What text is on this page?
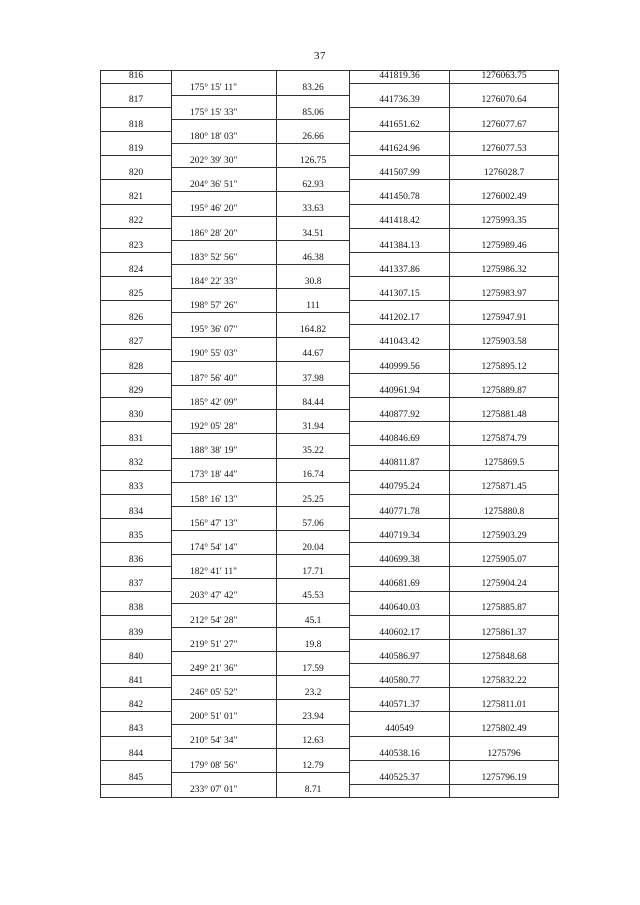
37
816			441819.36	1276063.75
	175° 15' 11"	83.26		
817			441736.39	1276070.64
	175° 15' 33"	85.06		
818			441651.62	1276077.67
	180° 18' 03"	26.66		
819			441624.96	1276077.53
	202° 39' 30"	126.75		
820			441507.99	1276028.7
	204° 36' 51"	62.93		
821			441450.78	1276002.49
	195° 46' 20"	33.63		
822			441418.42	1275993.35
	186° 28' 20"	34.51		
823			441384.13	1275989.46
	183° 52' 56"	46.38		
824			441337.86	1275986.32
	184° 22' 33"	30.8		
825			441307.15	1275983.97
	198° 57' 26"	111		
826			441202.17	1275947.91
	195° 36' 07"	164.82		
827			441043.42	1275903.58
	190° 55' 03"	44.67		
828			440999.56	1275895.12
	187° 56' 40"	37.98		
829			440961.94	1275889.87
	185° 42' 09"	84.44		
830			440877.92	1275881.48
	192° 05' 28"	31.94		
831			440846.69	1275874.79
	188° 38' 19"	35.22		
832			440811.87	1275869.5
	173° 18' 44"	16.74		
833			440795.24	1275871.45
	158° 16' 13"	25.25		
834			440771.78	1275880.8
	156° 47' 13"	57.06		
835			440719.34	1275903.29
	174° 54' 14"	20.04		
836			440699.38	1275905.07
	182° 41' 11"	17.71		
837			440681.69	1275904.24
	203° 47' 42"	45.53		
838			440640.03	1275885.87
	212° 54' 28"	45.1		
839			440602.17	1275861.37
	219° 51' 27"	19.8		
840			440586.97	1275848.68
	249° 21' 36"	17.59		
841			440580.77	1275832.22
	246° 05' 52"	23.2		
842			440571.37	1275811.01
	200° 51' 01"	23.94		
843			440549	1275802.49
	210° 54' 34"	12.63		
844			440538.16	1275796
	179° 08' 56"	12.79		
845			440525.37	1275796.19
	233° 07' 01"	8.71		
